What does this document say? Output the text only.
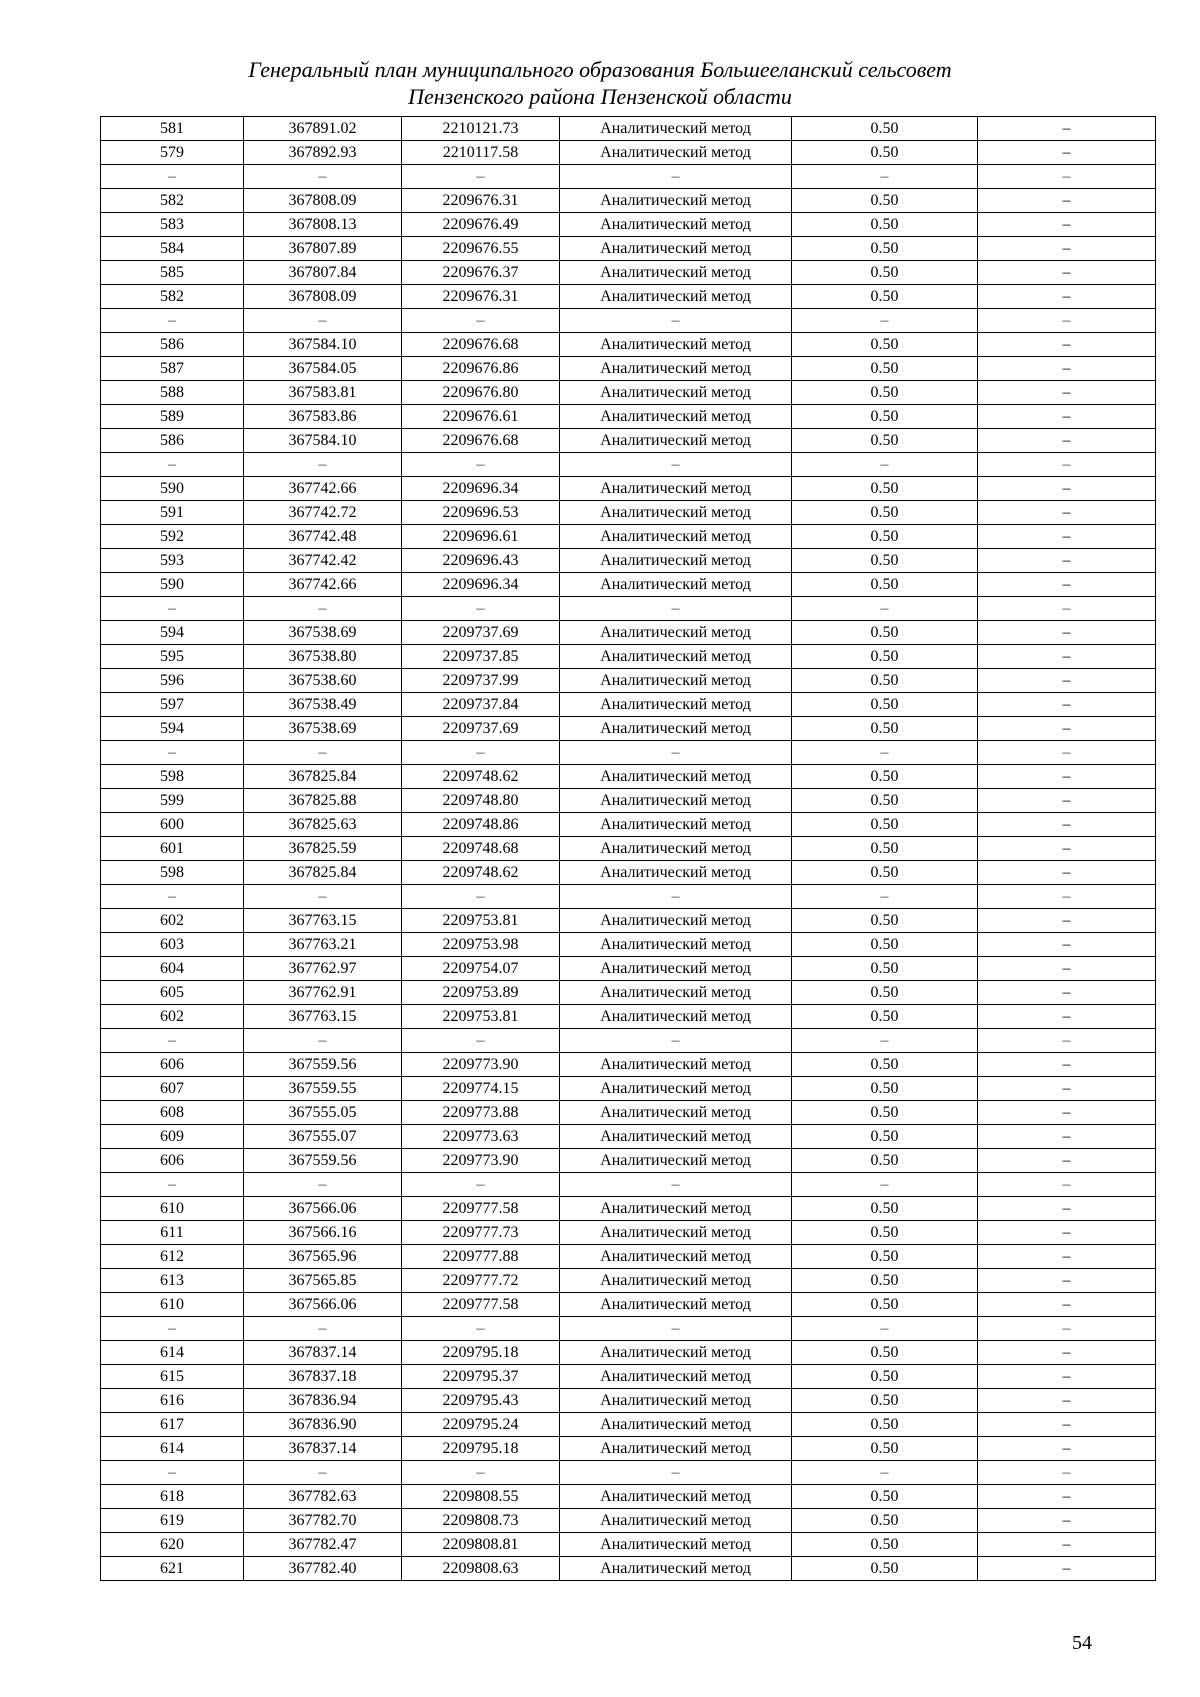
Генеральный план муниципального образования Большееланский сельсовет
Пензенского района Пензенской области
581	367891.02	2210121.73	Аналитический метод	0.50	–
579	367892.93	2210117.58	Аналитический метод	0.50	–
–	–	–	–	–	–
582	367808.09	2209676.31	Аналитический метод	0.50	–
583	367808.13	2209676.49	Аналитический метод	0.50	–
584	367807.89	2209676.55	Аналитический метод	0.50	–
585	367807.84	2209676.37	Аналитический метод	0.50	–
582	367808.09	2209676.31	Аналитический метод	0.50	–
–	–	–	–	–	–
586	367584.10	2209676.68	Аналитический метод	0.50	–
587	367584.05	2209676.86	Аналитический метод	0.50	–
588	367583.81	2209676.80	Аналитический метод	0.50	–
589	367583.86	2209676.61	Аналитический метод	0.50	–
586	367584.10	2209676.68	Аналитический метод	0.50	–
–	–	–	–	–	–
590	367742.66	2209696.34	Аналитический метод	0.50	–
591	367742.72	2209696.53	Аналитический метод	0.50	–
592	367742.48	2209696.61	Аналитический метод	0.50	–
593	367742.42	2209696.43	Аналитический метод	0.50	–
590	367742.66	2209696.34	Аналитический метод	0.50	–
–	–	–	–	–	–
594	367538.69	2209737.69	Аналитический метод	0.50	–
595	367538.80	2209737.85	Аналитический метод	0.50	–
596	367538.60	2209737.99	Аналитический метод	0.50	–
597	367538.49	2209737.84	Аналитический метод	0.50	–
594	367538.69	2209737.69	Аналитический метод	0.50	–
–	–	–	–	–	–
598	367825.84	2209748.62	Аналитический метод	0.50	–
599	367825.88	2209748.80	Аналитический метод	0.50	–
600	367825.63	2209748.86	Аналитический метод	0.50	–
601	367825.59	2209748.68	Аналитический метод	0.50	–
598	367825.84	2209748.62	Аналитический метод	0.50	–
–	–	–	–	–	–
602	367763.15	2209753.81	Аналитический метод	0.50	–
603	367763.21	2209753.98	Аналитический метод	0.50	–
604	367762.97	2209754.07	Аналитический метод	0.50	–
605	367762.91	2209753.89	Аналитический метод	0.50	–
602	367763.15	2209753.81	Аналитический метод	0.50	–
–	–	–	–	–	–
606	367559.56	2209773.90	Аналитический метод	0.50	–
607	367559.55	2209774.15	Аналитический метод	0.50	–
608	367555.05	2209773.88	Аналитический метод	0.50	–
609	367555.07	2209773.63	Аналитический метод	0.50	–
606	367559.56	2209773.90	Аналитический метод	0.50	–
–	–	–	–	–	–
610	367566.06	2209777.58	Аналитический метод	0.50	–
611	367566.16	2209777.73	Аналитический метод	0.50	–
612	367565.96	2209777.88	Аналитический метод	0.50	–
613	367565.85	2209777.72	Аналитический метод	0.50	–
610	367566.06	2209777.58	Аналитический метод	0.50	–
–	–	–	–	–	–
614	367837.14	2209795.18	Аналитический метод	0.50	–
615	367837.18	2209795.37	Аналитический метод	0.50	–
616	367836.94	2209795.43	Аналитический метод	0.50	–
617	367836.90	2209795.24	Аналитический метод	0.50	–
614	367837.14	2209795.18	Аналитический метод	0.50	–
–	–	–	–	–	–
618	367782.63	2209808.55	Аналитический метод	0.50	–
619	367782.70	2209808.73	Аналитический метод	0.50	–
620	367782.47	2209808.81	Аналитический метод	0.50	–
621	367782.40	2209808.63	Аналитический метод	0.50	–
54
